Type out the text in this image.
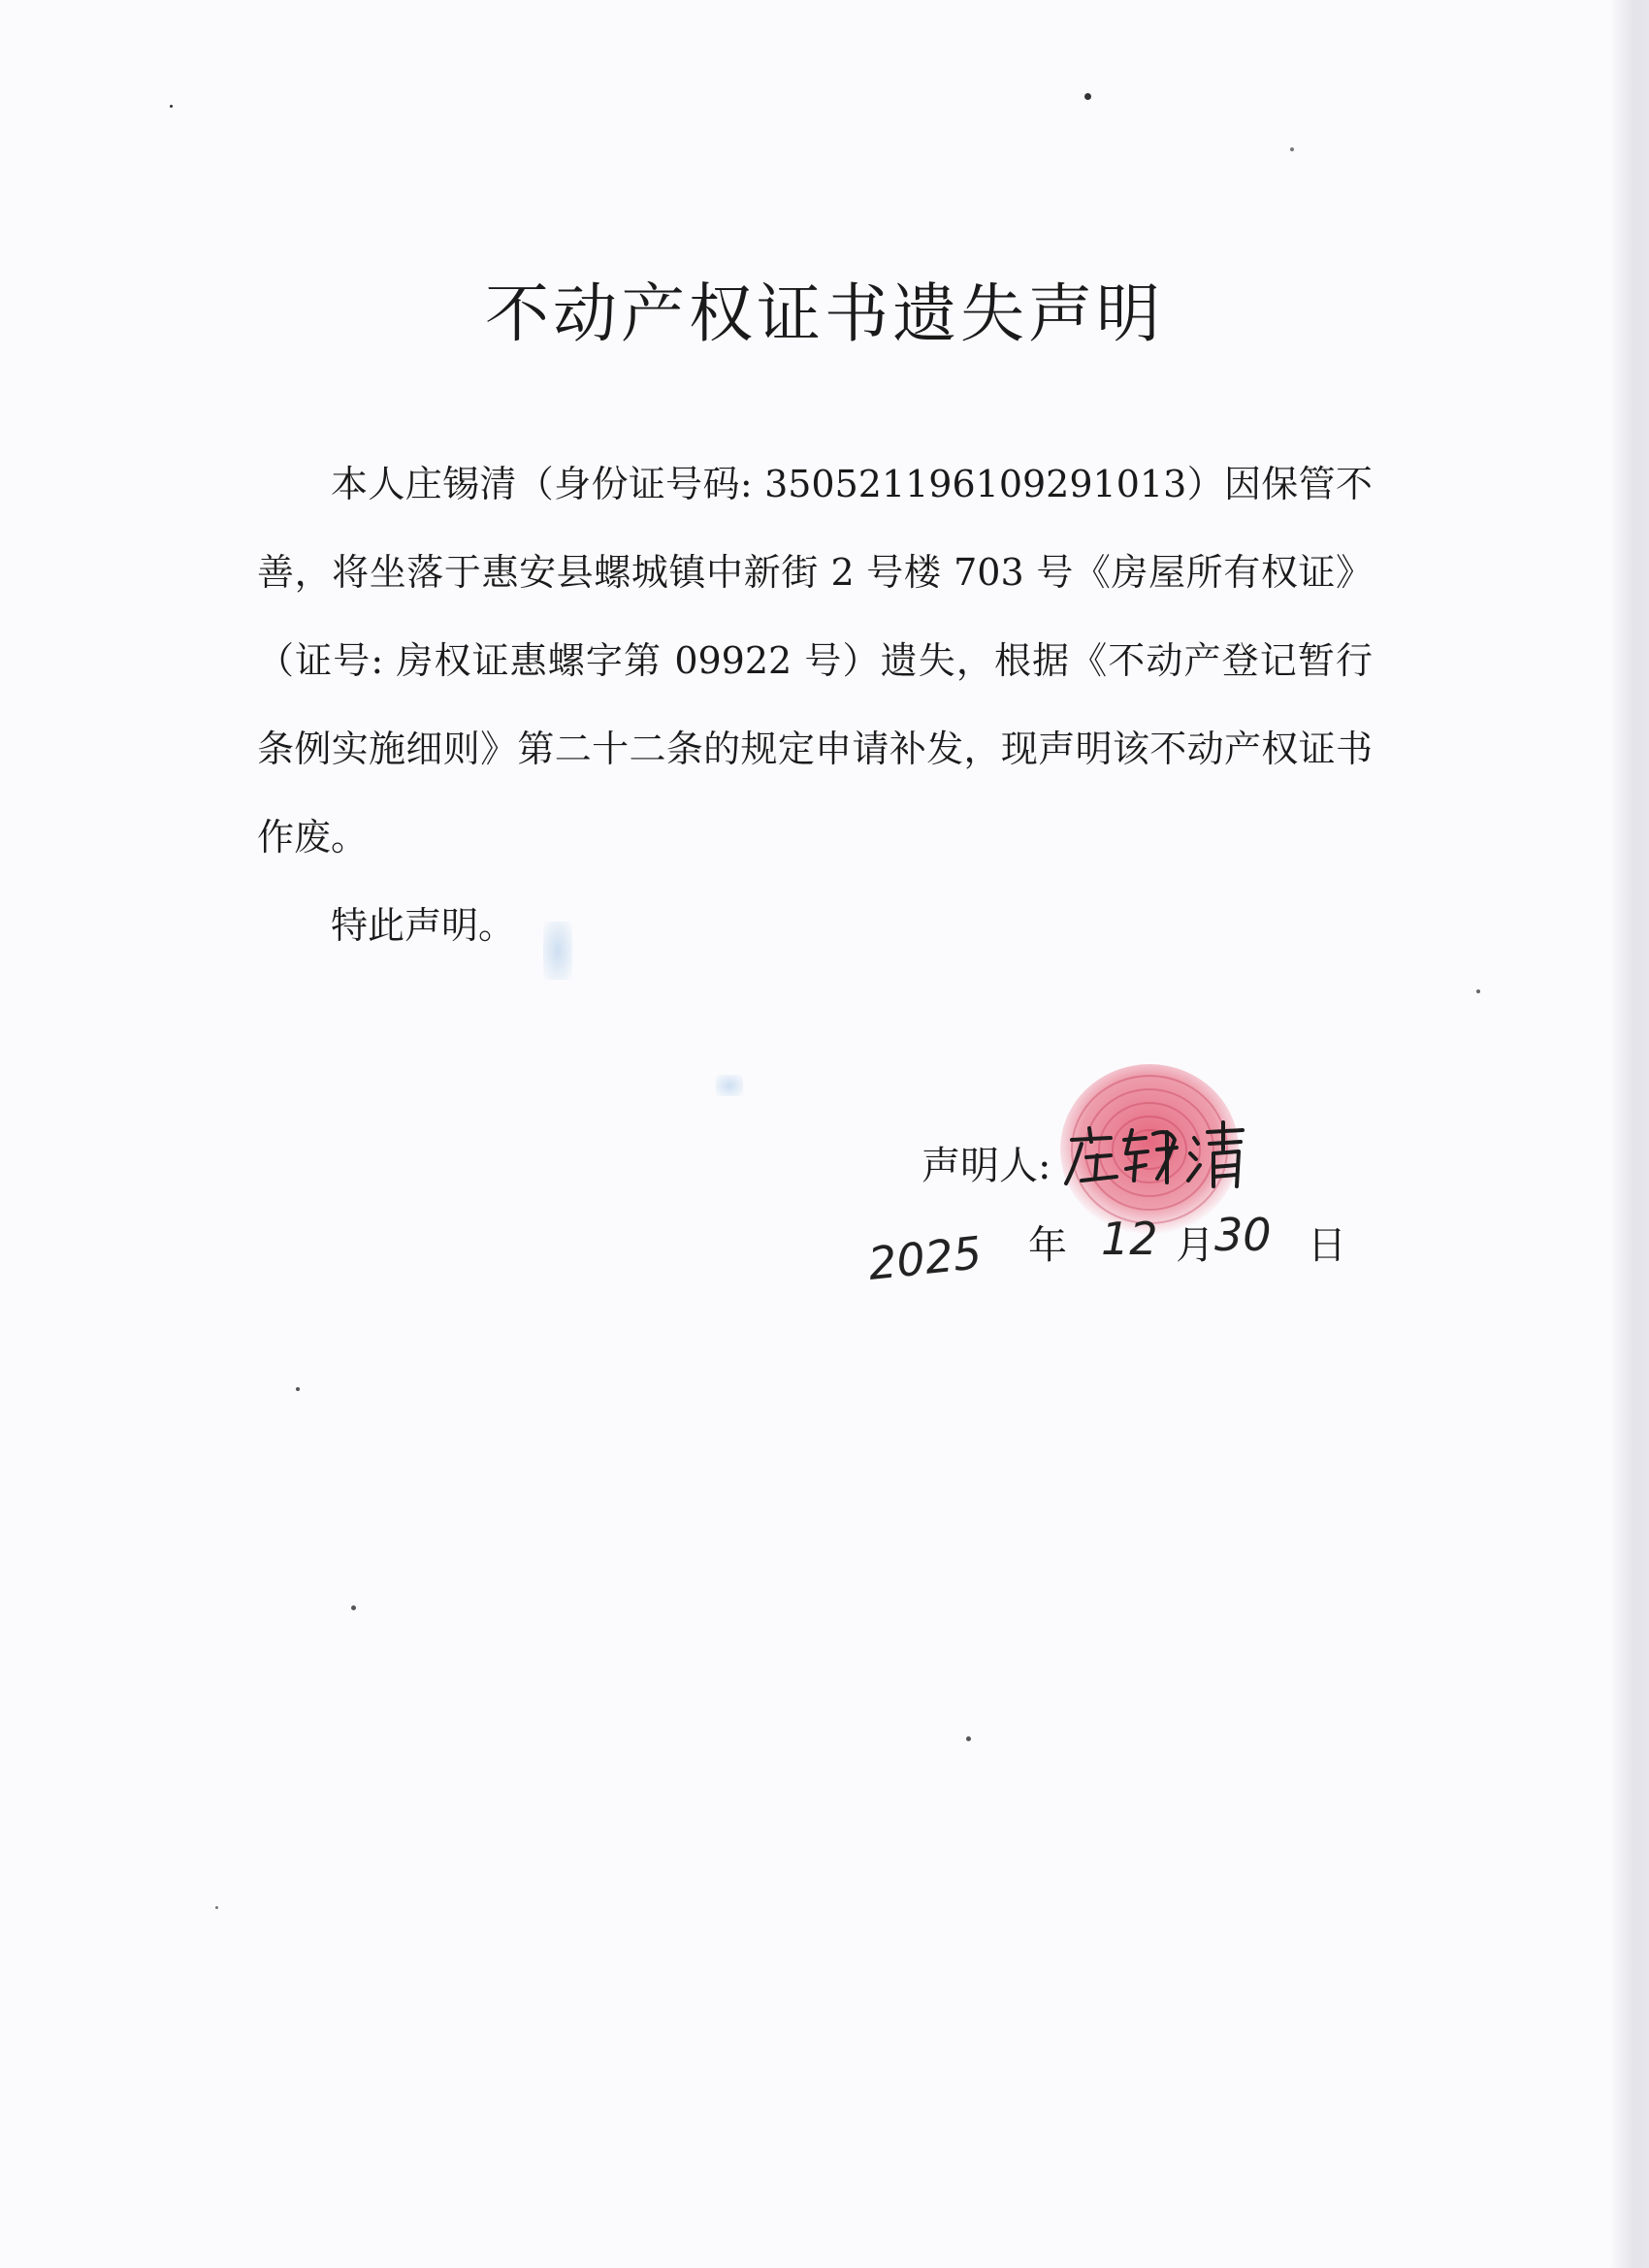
不动产权证书遗失声明

本人庄锡清（身份证号码: 350521196109291013）因保管不善，将坐落于惠安县螺城镇中新街 2 号楼 703 号《房屋所有权证》（证号: 房权证惠螺字第 09922 号）遗失，根据《不动产登记暂行条例实施细则》第二十二条的规定申请补发，现声明该不动产权证书作废。

特此声明。

声明人:
2025 年 12 月 30 日
